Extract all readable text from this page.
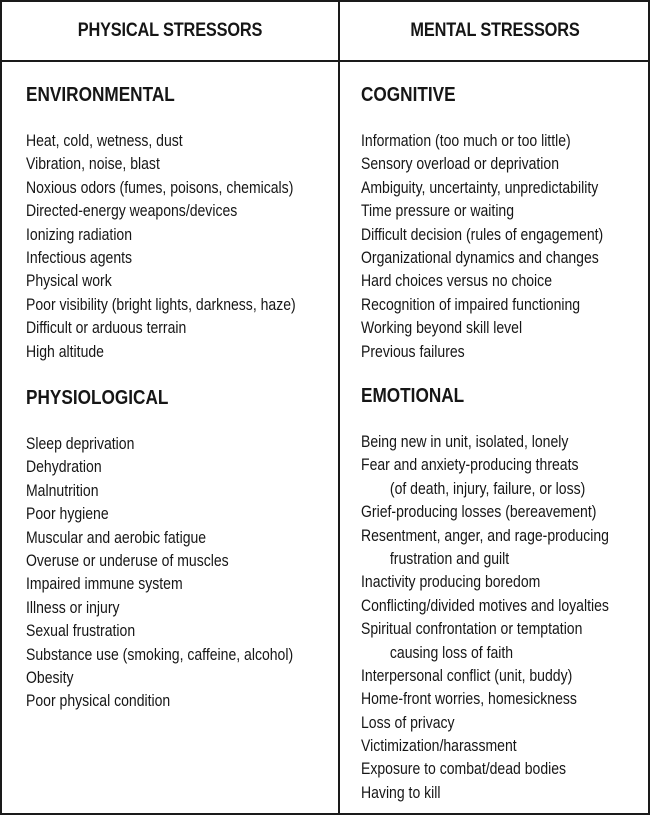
PHYSICAL STRESSORS	MENTAL STRESSORS
ENVIRONMENTAL
Heat, cold, wetness, dust
Vibration, noise, blast
Noxious odors (fumes, poisons, chemicals)
Directed-energy weapons/devices
Ionizing radiation
Infectious agents
Physical work
Poor visibility (bright lights, darkness, haze)
Difficult or arduous terrain
High altitude
PHYSIOLOGICAL
Sleep deprivation
Dehydration
Malnutrition
Poor hygiene
Muscular and aerobic fatigue
Overuse or underuse of muscles
Impaired immune system
Illness or injury
Sexual frustration
Substance use (smoking, caffeine, alcohol)
Obesity
Poor physical condition
COGNITIVE
Information (too much or too little)
Sensory overload or deprivation
Ambiguity, uncertainty, unpredictability
Time pressure or waiting
Difficult decision (rules of engagement)
Organizational dynamics and changes
Hard choices versus no choice
Recognition of impaired functioning
Working beyond skill level
Previous failures
EMOTIONAL
Being new in unit, isolated, lonely
Fear and anxiety-producing threats
(of death, injury, failure, or loss)
Grief-producing losses (bereavement)
Resentment, anger, and rage-producing
frustration and guilt
Inactivity producing boredom
Conflicting/divided motives and loyalties
Spiritual confrontation or temptation
causing loss of faith
Interpersonal conflict (unit, buddy)
Home-front worries, homesickness
Loss of privacy
Victimization/harassment
Exposure to combat/dead bodies
Having to kill
